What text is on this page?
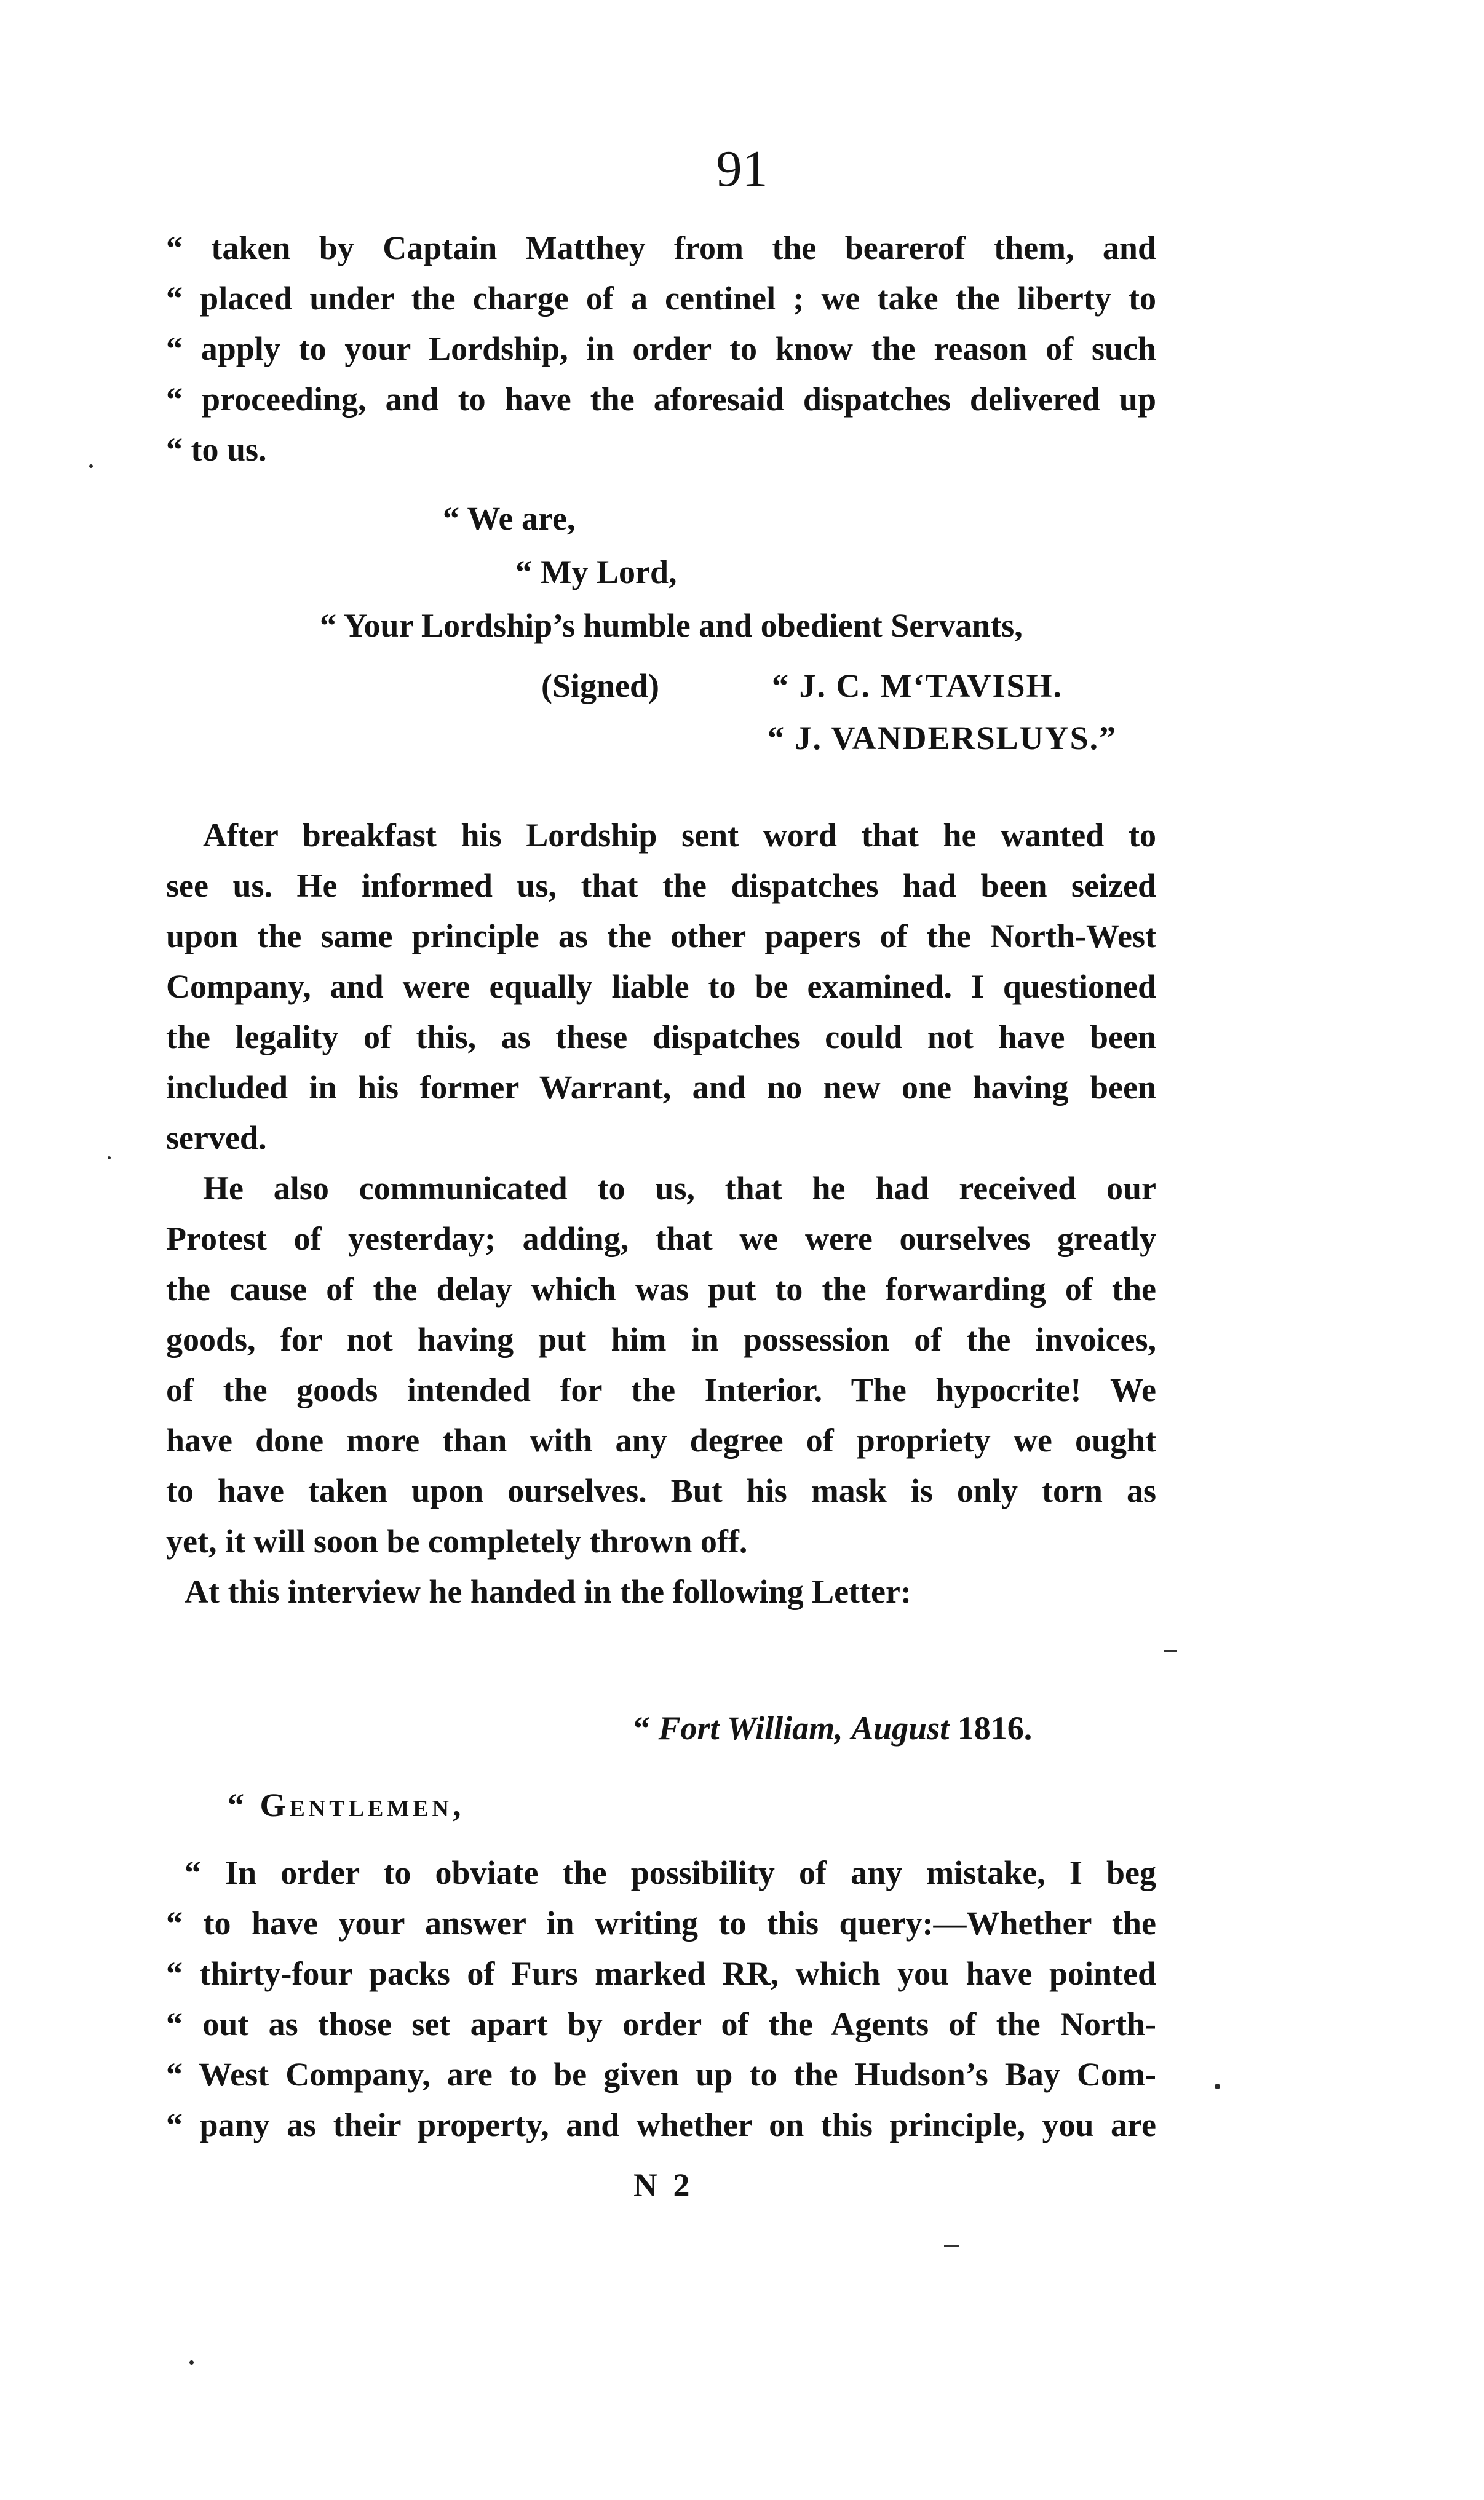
91
“ taken by Captain Matthey from the bearerof them, and
“ placed under the charge of a centinel ; we take the liberty to
“ apply to your Lordship, in order to know the reason of such
“ proceeding, and to have the aforesaid dispatches delivered up
“ to us.
“ We are,
“ My Lord,
“ Your Lordship’s humble and obedient Servants,
(Signed)	“ J. C. M‘TAVISH.
“ J. VANDERSLUYS.”
After breakfast his Lordship sent word that he wanted to
see us. He informed us, that the dispatches had been seized
upon the same principle as the other papers of the North-West
Company, and were equally liable to be examined. I questioned
the legality of this, as these dispatches could not have been
included in his former Warrant, and no new one having been
served.
He also communicated to us, that he had received our
Protest of yesterday; adding, that we were ourselves greatly
the cause of the delay which was put to the forwarding of the
goods, for not having put him in possession of the invoices,
of the goods intended for the Interior. The hypocrite! We
have done more than with any degree of propriety we ought
to have taken upon ourselves. But his mask is only torn as
yet, it will soon be completely thrown off.
At this interview he handed in the following Letter:
“ Fort William, August 1816.
“ Gentlemen,
“ In order to obviate the possibility of any mistake, I beg
“ to have your answer in writing to this query:—Whether the
“ thirty-four packs of Furs marked RR, which you have pointed
“ out as those set apart by order of the Agents of the North-
“ West Company, are to be given up to the Hudson’s Bay Com-
“ pany as their property, and whether on this principle, you are
N 2
